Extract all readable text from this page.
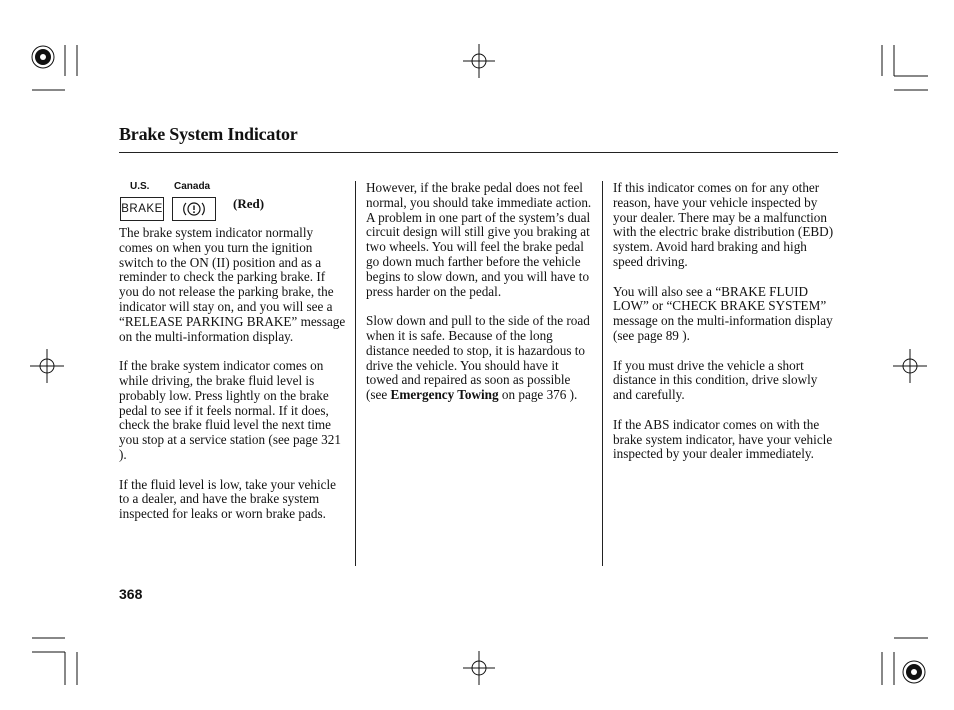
Brake System Indicator
U.S. Canada
BRAKE	(Red)

The brake system indicator normally comes on when you turn the ignition switch to the ON (II) position and as a reminder to check the parking brake. If you do not release the parking brake, the indicator will stay on, and you will see a “RELEASE PARKING BRAKE” message on the multi-information display.

If the brake system indicator comes on while driving, the brake fluid level is probably low. Press lightly on the brake pedal to see if it feels normal. If it does, check the brake fluid level the next time you stop at a service station (see page 321 ).

If the fluid level is low, take your vehicle to a dealer, and have the brake system inspected for leaks or worn brake pads.

However, if the brake pedal does not feel normal, you should take immediate action. A problem in one part of the system’s dual circuit design will still give you braking at two wheels. You will feel the brake pedal go down much farther before the vehicle begins to slow down, and you will have to press harder on the pedal.

Slow down and pull to the side of the road when it is safe. Because of the long distance needed to stop, it is hazardous to drive the vehicle. You should have it towed and repaired as soon as possible (see Emergency Towing on page 376 ).

If this indicator comes on for any other reason, have your vehicle inspected by your dealer. There may be a malfunction with the electric brake distribution (EBD) system. Avoid hard braking and high speed driving.

You will also see a “BRAKE FLUID LOW” or “CHECK BRAKE SYSTEM” message on the multi-information display (see page 89 ).

If you must drive the vehicle a short distance in this condition, drive slowly and carefully.

If the ABS indicator comes on with the brake system indicator, have your vehicle inspected by your dealer immediately.

368
